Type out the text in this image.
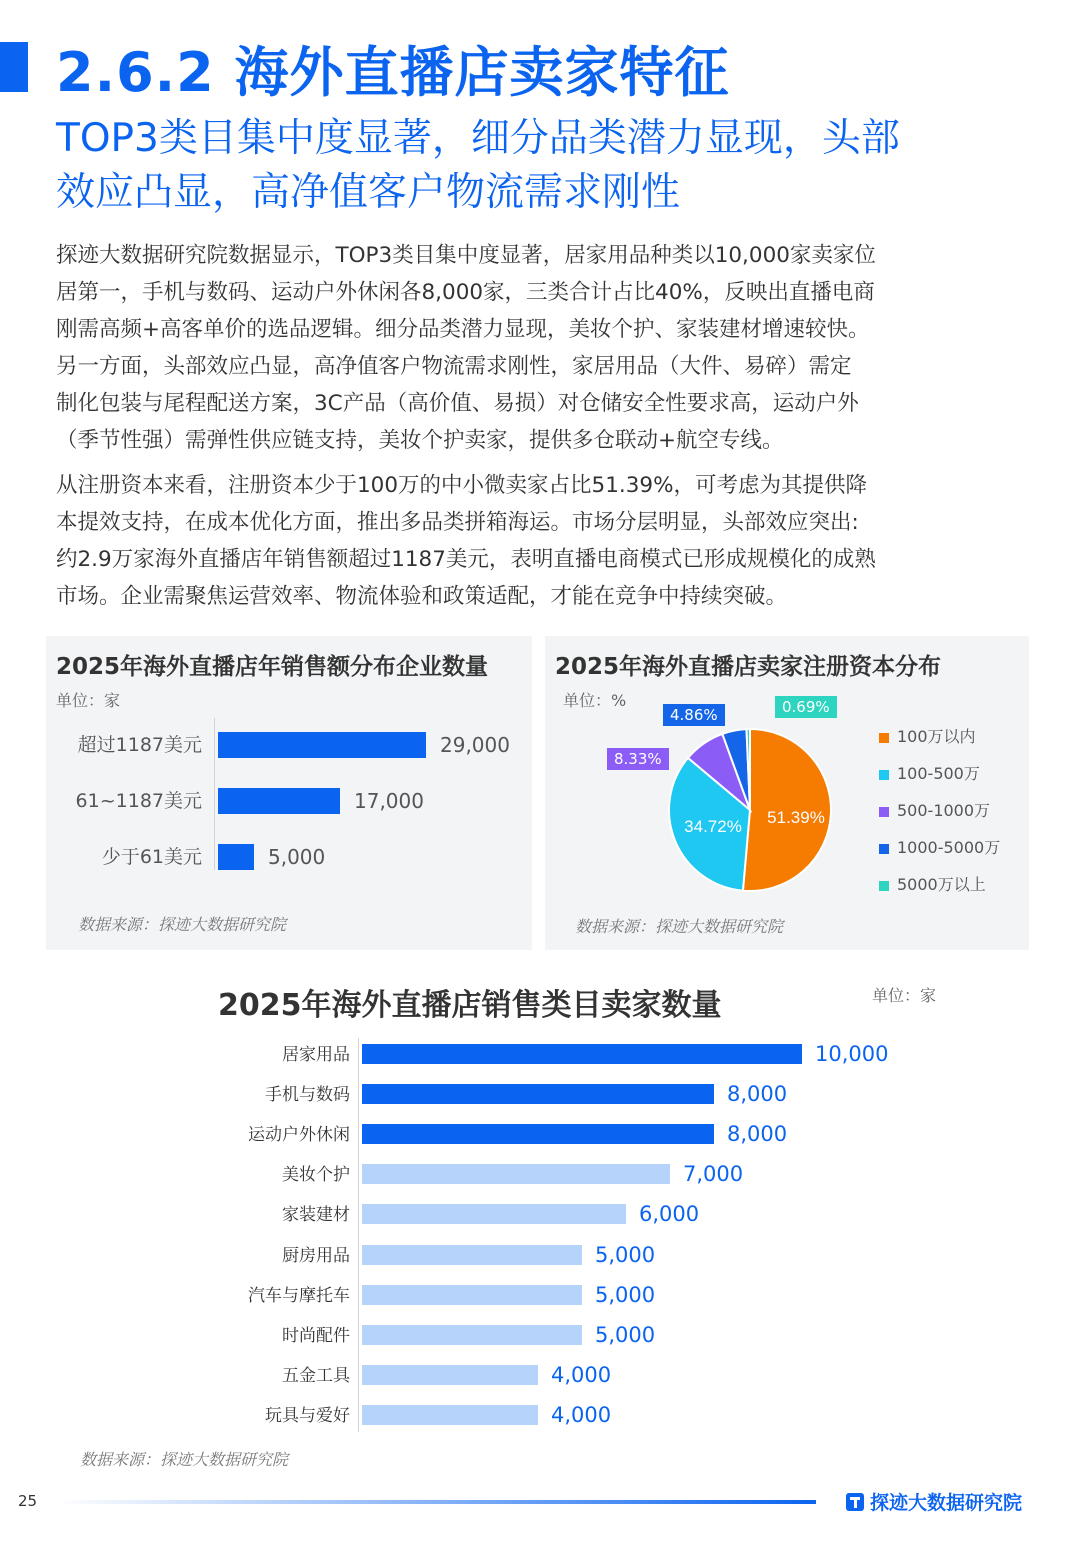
2.6.2 海外直播店卖家特征
TOP3类目集中度显著，细分品类潜力显现，头部
效应凸显，高净值客户物流需求刚性
探迹大数据研究院数据显示，TOP3类目集中度显著，居家用品种类以10,000家卖家位
居第一，手机与数码、运动户外休闲各8,000家，三类合计占比40%，反映出直播电商
刚需高频+高客单价的选品逻辑。细分品类潜力显现，美妆个护、家装建材增速较快。
另一方面，头部效应凸显，高净值客户物流需求刚性，家居用品（大件、易碎）需定
制化包装与尾程配送方案，3C产品（高价值、易损）对仓储安全性要求高，运动户外
（季节性强）需弹性供应链支持，美妆个护卖家，提供多仓联动+航空专线。
从注册资本来看，注册资本少于100万的中小微卖家占比51.39%，可考虑为其提供降
本提效支持，在成本优化方面，推出多品类拼箱海运。市场分层明显，头部效应突出:
约2.9万家海外直播店年销售额超过1187美元，表明直播电商模式已形成规模化的成熟
市场。企业需聚焦运营效率、物流体验和政策适配，才能在竞争中持续突破。
2025年海外直播店年销售额分布企业数量
单位：家
超过1187美元	29,000
61~1187美元	17,000
少于61美元	5,000
数据来源：探迹大数据研究院
2025年海外直播店卖家注册资本分布
单位：%
51.39%
34.72%
8.33%
4.86%	0.69%
100万以内
100-500万
500-1000万
1000-5000万
5000万以上
数据来源：探迹大数据研究院
2025年海外直播店销售类目卖家数量	单位：家
居家用品	10,000
手机与数码	8,000
运动户外休闲	8,000
美妆个护	7,000
家装建材	6,000
厨房用品	5,000
汽车与摩托车	5,000
时尚配件	5,000
五金工具	4,000
玩具与爱好	4,000
数据来源：探迹大数据研究院
25	探迹大数据研究院
